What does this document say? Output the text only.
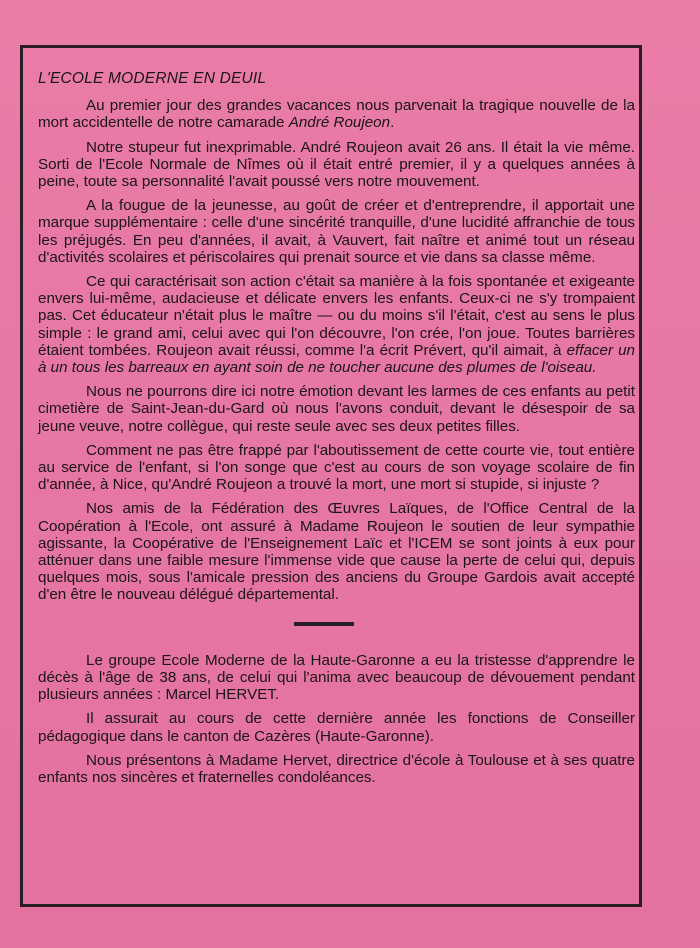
L'ECOLE MODERNE EN DEUIL

Au premier jour des grandes vacances nous parvenait la tragique nouvelle de la mort accidentelle de notre camarade André Roujeon.

Notre stupeur fut inexprimable. André Roujeon avait 26 ans. Il était la vie même. Sorti de l'Ecole Normale de Nîmes où il était entré premier, il y a quelques années à peine, toute sa personnalité l'avait poussé vers notre mouvement.

A la fougue de la jeunesse, au goût de créer et d'entreprendre, il apportait une marque supplémentaire : celle d'une sincérité tranquille, d'une lucidité affranchie de tous les préjugés. En peu d'années, il avait, à Vauvert, fait naître et animé tout un réseau d'activités scolaires et périscolaires qui prenait source et vie dans sa classe même.

Ce qui caractérisait son action c'était sa manière à la fois spontanée et exigeante envers lui-même, audacieuse et délicate envers les enfants. Ceux-ci ne s'y trompaient pas. Cet éducateur n'était plus le maître — ou du moins s'il l'était, c'est au sens le plus simple : le grand ami, celui avec qui l'on découvre, l'on crée, l'on joue. Toutes barrières étaient tombées. Roujeon avait réussi, comme l'a écrit Prévert, qu'il aimait, à effacer un à un tous les barreaux en ayant soin de ne toucher aucune des plumes de l'oiseau.

Nous ne pourrons dire ici notre émotion devant les larmes de ces enfants au petit cimetière de Saint-Jean-du-Gard où nous l'avons conduit, devant le désespoir de sa jeune veuve, notre collègue, qui reste seule avec ses deux petites filles.

Comment ne pas être frappé par l'aboutissement de cette courte vie, tout entière au service de l'enfant, si l'on songe que c'est au cours de son voyage scolaire de fin d'année, à Nice, qu'André Roujeon a trouvé la mort, une mort si stupide, si injuste ?

Nos amis de la Fédération des Œuvres Laïques, de l'Office Central de la Coopération à l'Ecole, ont assuré à Madame Roujeon le soutien de leur sympathie agissante, la Coopérative de l'Enseignement Laïc et l'ICEM se sont joints à eux pour atténuer dans une faible mesure l'immense vide que cause la perte de celui qui, depuis quelques mois, sous l'amicale pression des anciens du Groupe Gardois avait accepté d'en être le nouveau délégué départemental.

Le groupe Ecole Moderne de la Haute-Garonne a eu la tristesse d'apprendre le décès à l'âge de 38 ans, de celui qui l'anima avec beaucoup de dévouement pendant plusieurs années : Marcel HERVET.

Il assurait au cours de cette dernière année les fonctions de Conseiller pédagogique dans le canton de Cazères (Haute-Garonne).

Nous présentons à Madame Hervet, directrice d'école à Toulouse et à ses quatre enfants nos sincères et fraternelles condoléances.
